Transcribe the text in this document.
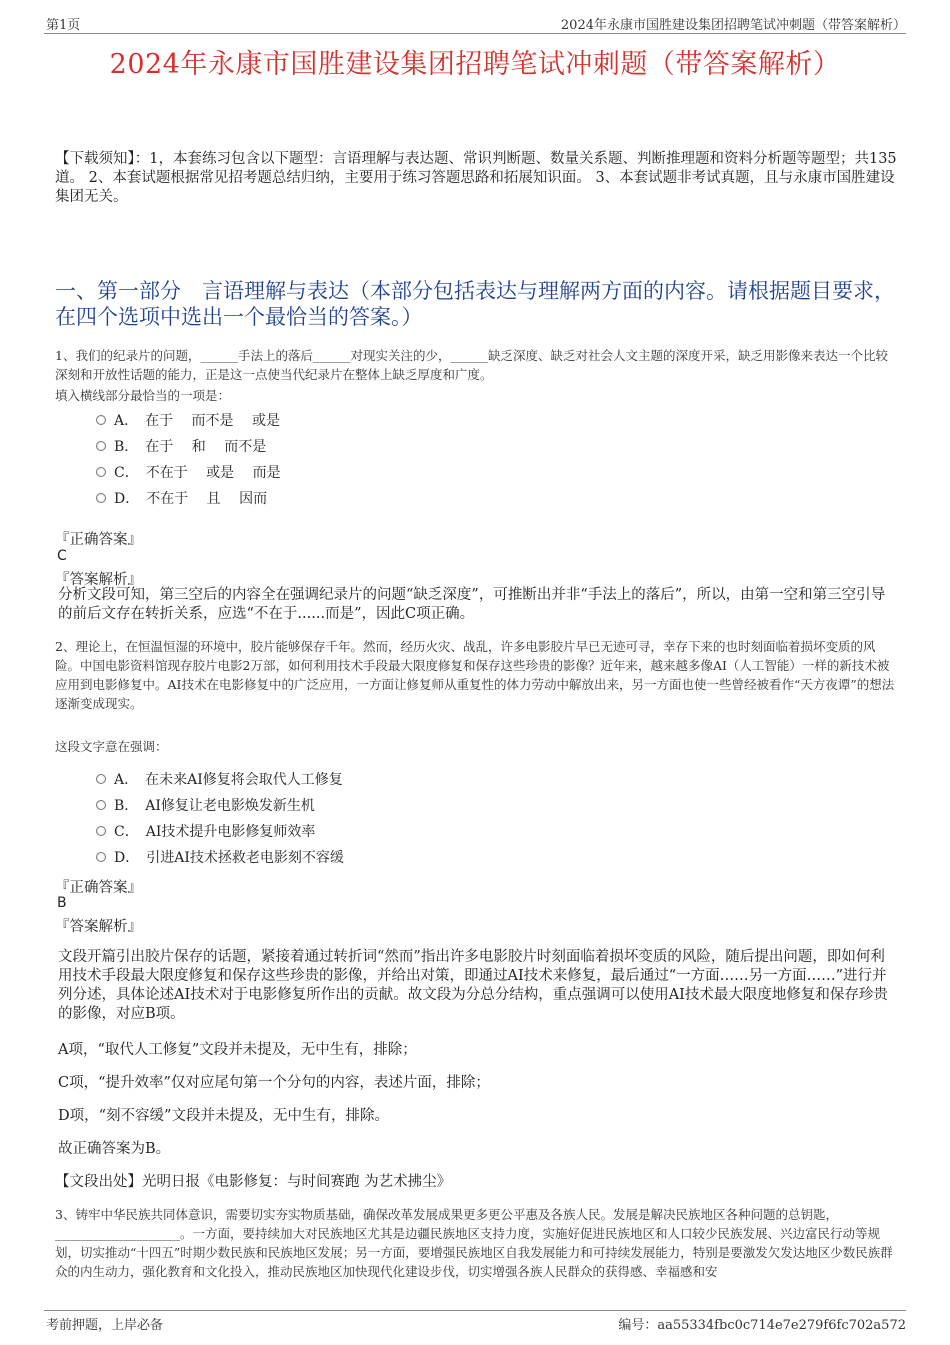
第1页	2024年永康市国胜建设集团招聘笔试冲刺题（带答案解析）
2024年永康市国胜建设集团招聘笔试冲刺题（带答案解析）
【下载须知】：1，本套练习包含以下题型：言语理解与表达题、常识判断题、数量关系题、判断推理题和资料分析题等题型；共135道。 2、本套试题根据常见招考题总结归纳，主要用于练习答题思路和拓展知识面。 3、本套试题非考试真题，且与永康市国胜建设集团无关。
一、第一部分　言语理解与表达（本部分包括表达与理解两方面的内容。请根据题目要求，在四个选项中选出一个最恰当的答案。）
1、我们的纪录片的问题，______手法上的落后______对现实关注的少，______缺乏深度、缺乏对社会人文主题的深度开采，缺乏用影像来表达一个比较深刻和开放性话题的能力，正是这一点使当代纪录片在整体上缺乏厚度和广度。
填入横线部分最恰当的一项是：
A．　在于　 而不是　 或是
B．　在于　 和　 而不是
C．　不在于　 或是　 而是
D．　不在于　 且　 因而
『正确答案』
C
『答案解析』
分析文段可知，第三空后的内容全在强调纪录片的问题“缺乏深度”，可推断出并非“手法上的落后”，所以，由第一空和第三空引导的前后文存在转折关系，应选“不在于......而是”，因此C项正确。
2、理论上，在恒温恒湿的环境中，胶片能够保存千年。然而，经历火灾、战乱，许多电影胶片早已无迹可寻，幸存下来的也时刻面临着损坏变质的风险。中国电影资料馆现存胶片电影2万部，如何利用技术手段最大限度修复和保存这些珍贵的影像？近年来，越来越多像AI（人工智能）一样的新技术被应用到电影修复中。AI技术在电影修复中的广泛应用，一方面让修复师从重复性的体力劳动中解放出来，另一方面也使一些曾经被看作“天方夜谭”的想法逐渐变成现实。
这段文字意在强调：
A．　在未来AI修复将会取代人工修复
B．　AI修复让老电影焕发新生机
C．　AI技术提升电影修复师效率
D．　引进AI技术拯救老电影刻不容缓
『正确答案』
B
『答案解析』
文段开篇引出胶片保存的话题，紧接着通过转折词“然而”指出许多电影胶片时刻面临着损坏变质的风险，随后提出问题，即如何利用技术手段最大限度修复和保存这些珍贵的影像，并给出对策，即通过AI技术来修复，最后通过“一方面……另一方面……”进行并列分述，具体论述AI技术对于电影修复所作出的贡献。故文段为分总分结构，重点强调可以使用AI技术最大限度地修复和保存珍贵的影像，对应B项。
A项，“取代人工修复”文段并未提及，无中生有，排除；
C项，“提升效率”仅对应尾句第一个分句的内容，表述片面，排除；
D项，“刻不容缓”文段并未提及，无中生有，排除。
故正确答案为B。
【文段出处】光明日报《电影修复：与时间赛跑 为艺术拂尘》
3、铸牢中华民族共同体意识，需要切实夯实物质基础，确保改革发展成果更多更公平惠及各族人民。发展是解决民族地区各种问题的总钥匙，____________________。一方面，要持续加大对民族地区尤其是边疆民族地区支持力度，实施好促进民族地区和人口较少民族发展、兴边富民行动等规划，切实推动“十四五”时期少数民族和民族地区发展；另一方面，要增强民族地区自我发展能力和可持续发展能力，特别是要激发欠发达地区少数民族群众的内生动力，强化教育和文化投入，推动民族地区加快现代化建设步伐，切实增强各族人民群众的获得感、幸福感和安
考前押题，上岸必备	编号：aa55334fbc0c714e7e279f6fc702a572
